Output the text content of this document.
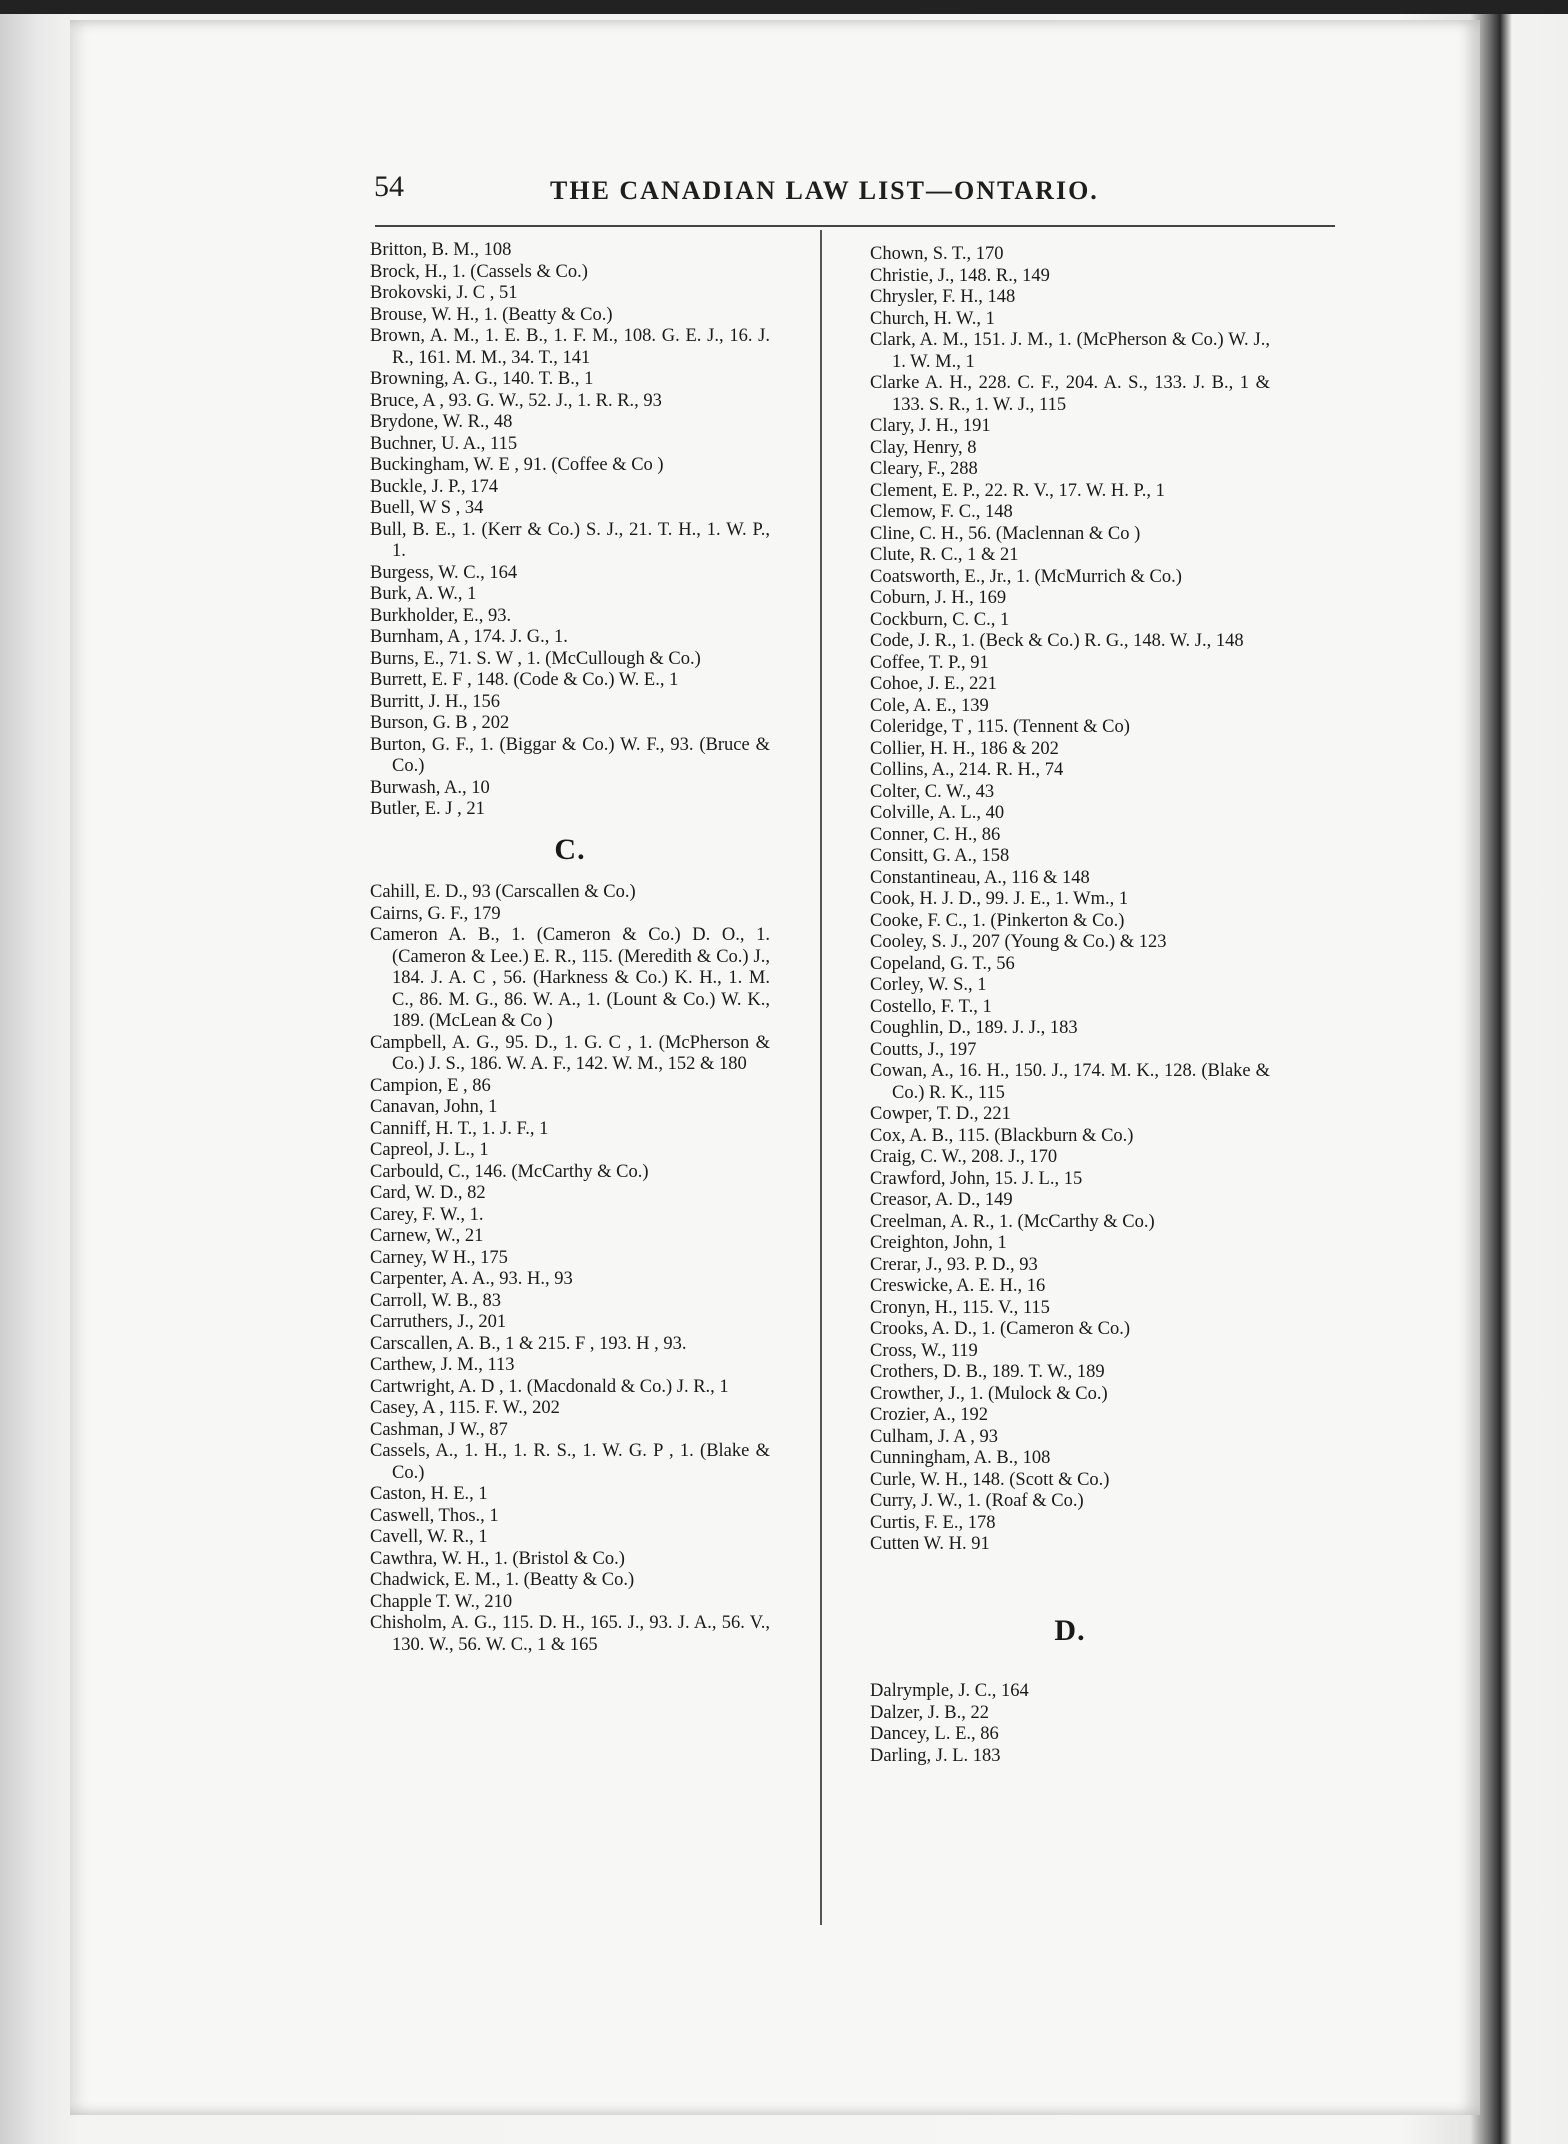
54	THE CANADIAN LAW LIST—ONTARIO.
Britton, B. M., 108
Brock, H., 1. (Cassels & Co.)
Brokovski, J. C , 51
Brouse, W. H., 1. (Beatty & Co.)
Brown, A. M., 1. E. B., 1. F. M., 108. G. E. J., 16. J. R., 161. M. M., 34. T., 141
Browning, A. G., 140. T. B., 1
Bruce, A , 93. G. W., 52. J., 1. R. R., 93
Brydone, W. R., 48
Buchner, U. A., 115
Buckingham, W. E , 91. (Coffee & Co )
Buckle, J. P., 174
Buell, W S , 34
Bull, B. E., 1. (Kerr & Co.) S. J., 21. T. H., 1. W. P., 1.
Burgess, W. C., 164
Burk, A. W., 1
Burkholder, E., 93.
Burnham, A , 174. J. G., 1.
Burns, E., 71. S. W , 1. (McCullough & Co.)
Burrett, E. F , 148. (Code & Co.) W. E., 1
Burritt, J. H., 156
Burson, G. B , 202
Burton, G. F., 1. (Biggar & Co.) W. F., 93. (Bruce & Co.)
Burwash, A., 10
Butler, E. J , 21
C.
Cahill, E. D., 93 (Carscallen & Co.)
Cairns, G. F., 179
Cameron A. B., 1. (Cameron & Co.) D. O., 1. (Cameron & Lee.) E. R., 115. (Meredith & Co.) J., 184. J. A. C , 56. (Harkness & Co.) K. H., 1. M. C., 86. M. G., 86. W. A., 1. (Lount & Co.) W. K., 189. (McLean & Co )
Campbell, A. G., 95. D., 1. G. C , 1. (McPherson & Co.) J. S., 186. W. A. F., 142. W. M., 152 & 180
Campion, E , 86
Canavan, John, 1
Canniff, H. T., 1. J. F., 1
Capreol, J. L., 1
Carbould, C., 146. (McCarthy & Co.)
Card, W. D., 82
Carey, F. W., 1.
Carnew, W., 21
Carney, W H., 175
Carpenter, A. A., 93. H., 93
Carroll, W. B., 83
Carruthers, J., 201
Carscallen, A. B., 1 & 215. F , 193. H , 93.
Carthew, J. M., 113
Cartwright, A. D , 1. (Macdonald & Co.) J. R., 1
Casey, A , 115. F. W., 202
Cashman, J W., 87
Cassels, A., 1. H., 1. R. S., 1. W. G. P , 1. (Blake & Co.)
Caston, H. E., 1
Caswell, Thos., 1
Cavell, W. R., 1
Cawthra, W. H., 1. (Bristol & Co.)
Chadwick, E. M., 1. (Beatty & Co.)
Chapple T. W., 210
Chisholm, A. G., 115. D. H., 165. J., 93. J. A., 56. V., 130. W., 56. W. C., 1 & 165
Chown, S. T., 170
Christie, J., 148. R., 149
Chrysler, F. H., 148
Church, H. W., 1
Clark, A. M., 151. J. M., 1. (McPherson & Co.) W. J., 1. W. M., 1
Clarke A. H., 228. C. F., 204. A. S., 133. J. B., 1 & 133. S. R., 1. W. J., 115
Clary, J. H., 191
Clay, Henry, 8
Cleary, F., 288
Clement, E. P., 22. R. V., 17. W. H. P., 1
Clemow, F. C., 148
Cline, C. H., 56. (Maclennan & Co )
Clute, R. C., 1 & 21
Coatsworth, E., Jr., 1. (McMurrich & Co.)
Coburn, J. H., 169
Cockburn, C. C., 1
Code, J. R., 1. (Beck & Co.) R. G., 148. W. J., 148
Coffee, T. P., 91
Cohoe, J. E., 221
Cole, A. E., 139
Coleridge, T , 115. (Tennent & Co)
Collier, H. H., 186 & 202
Collins, A., 214. R. H., 74
Colter, C. W., 43
Colville, A. L., 40
Conner, C. H., 86
Consitt, G. A., 158
Constantineau, A., 116 & 148
Cook, H. J. D., 99. J. E., 1. Wm., 1
Cooke, F. C., 1. (Pinkerton & Co.)
Cooley, S. J., 207 (Young & Co.) & 123
Copeland, G. T., 56
Corley, W. S., 1
Costello, F. T., 1
Coughlin, D., 189. J. J., 183
Coutts, J., 197
Cowan, A., 16. H., 150. J., 174. M. K., 128. (Blake & Co.) R. K., 115
Cowper, T. D., 221
Cox, A. B., 115. (Blackburn & Co.)
Craig, C. W., 208. J., 170
Crawford, John, 15. J. L., 15
Creasor, A. D., 149
Creelman, A. R., 1. (McCarthy & Co.)
Creighton, John, 1
Crerar, J., 93. P. D., 93
Creswicke, A. E. H., 16
Cronyn, H., 115. V., 115
Crooks, A. D., 1. (Cameron & Co.)
Cross, W., 119
Crothers, D. B., 189. T. W., 189
Crowther, J., 1. (Mulock & Co.)
Crozier, A., 192
Culham, J. A , 93
Cunningham, A. B., 108
Curle, W. H., 148. (Scott & Co.)
Curry, J. W., 1. (Roaf & Co.)
Curtis, F. E., 178
Cutten W. H. 91
D.
Dalrymple, J. C., 164
Dalzer, J. B., 22
Dancey, L. E., 86
Darling, J. L. 183
